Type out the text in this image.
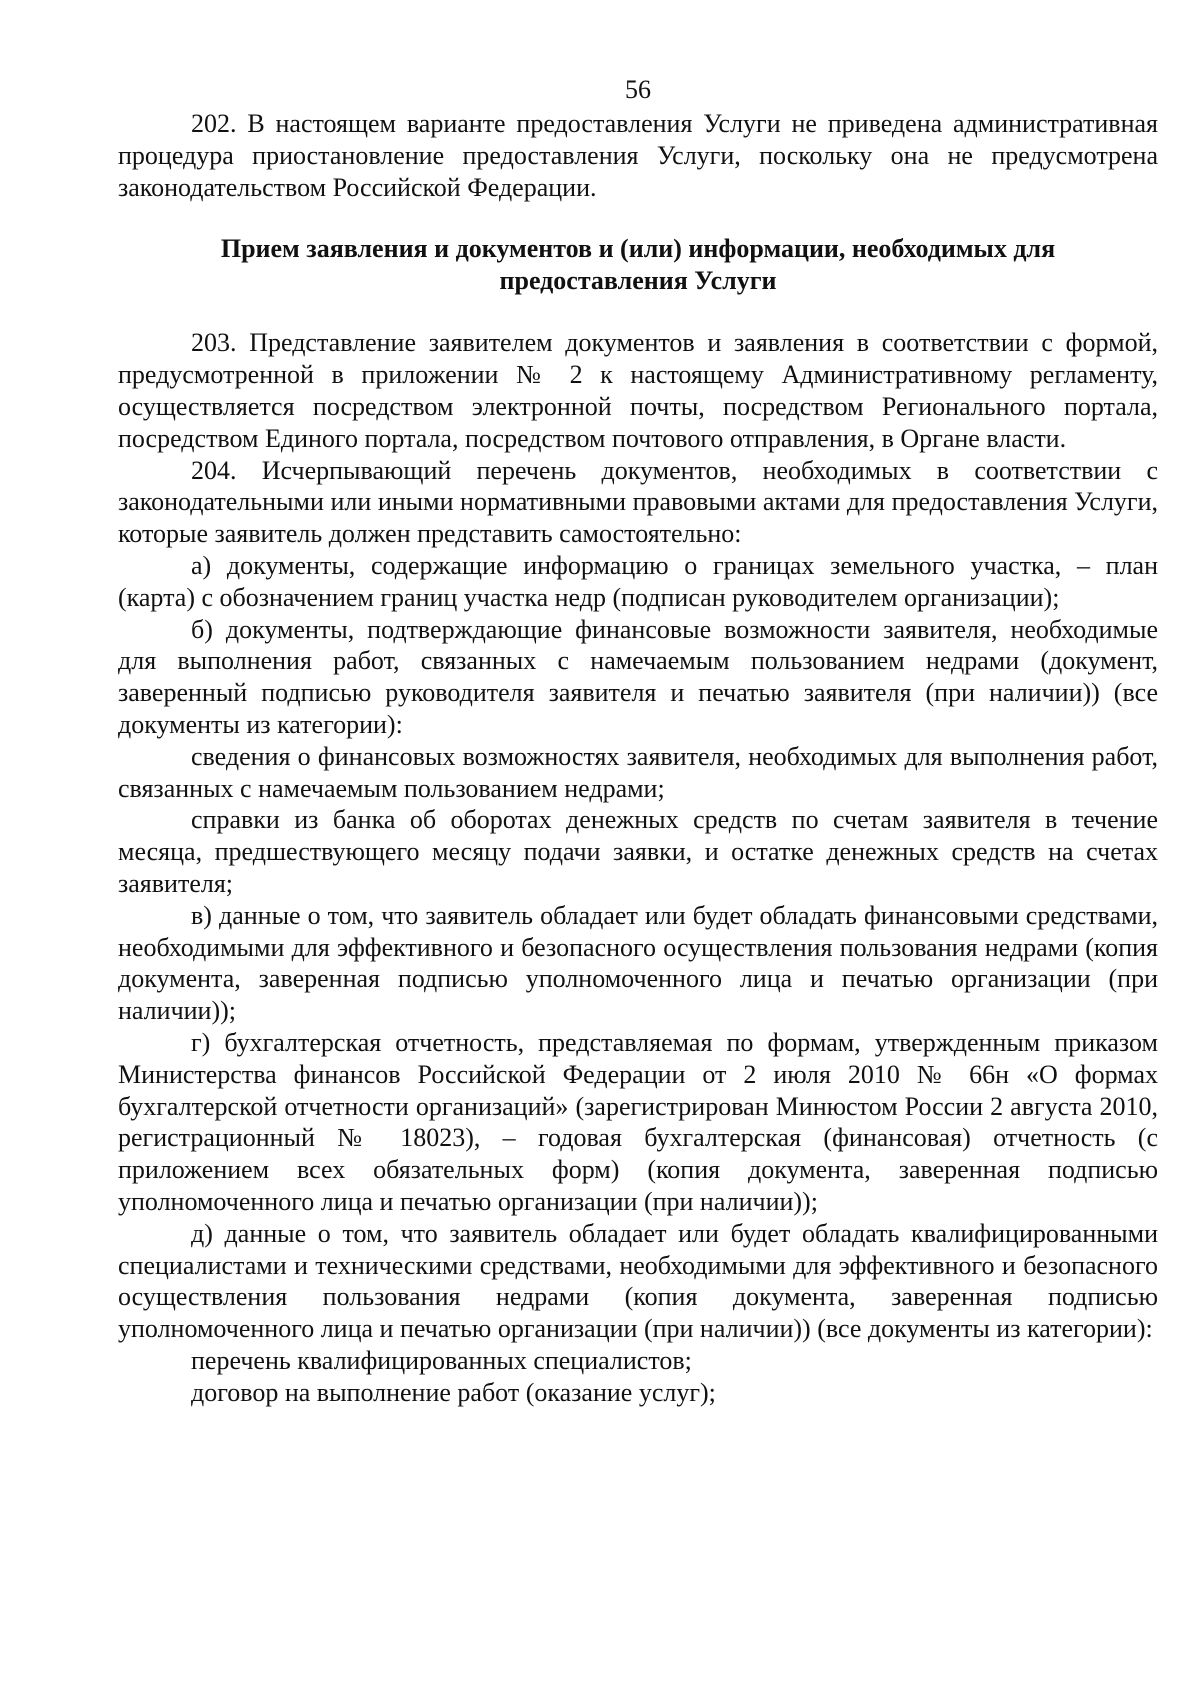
56

202. В настоящем варианте предоставления Услуги не приведена административная процедура приостановление предоставления Услуги, поскольку она не предусмотрена законодательством Российской Федерации.

Прием заявления и документов и (или) информации, необходимых для предоставления Услуги

203. Представление заявителем документов и заявления в соответствии с формой, предусмотренной в приложении № 2 к настоящему Административному регламенту, осуществляется посредством электронной почты, посредством Регионального портала, посредством Единого портала, посредством почтового отправления, в Органе власти.

204. Исчерпывающий перечень документов, необходимых в соответствии с законодательными или иными нормативными правовыми актами для предоставления Услуги, которые заявитель должен представить самостоятельно:

а) документы, содержащие информацию о границах земельного участка, – план (карта) с обозначением границ участка недр (подписан руководителем организации);

б) документы, подтверждающие финансовые возможности заявителя, необходимые для выполнения работ, связанных с намечаемым пользованием недрами (документ, заверенный подписью руководителя заявителя и печатью заявителя (при наличии)) (все документы из категории):

сведения о финансовых возможностях заявителя, необходимых для выполнения работ, связанных с намечаемым пользованием недрами;

справки из банка об оборотах денежных средств по счетам заявителя в течение месяца, предшествующего месяцу подачи заявки, и остатке денежных средств на счетах заявителя;

в) данные о том, что заявитель обладает или будет обладать финансовыми средствами, необходимыми для эффективного и безопасного осуществления пользования недрами (копия документа, заверенная подписью уполномоченного лица и печатью организации (при наличии));

г) бухгалтерская отчетность, представляемая по формам, утвержденным приказом Министерства финансов Российской Федерации от 2 июля 2010 № 66н «О формах бухгалтерской отчетности организаций» (зарегистрирован Минюстом России 2 августа 2010, регистрационный № 18023), – годовая бухгалтерская (финансовая) отчетность (с приложением всех обязательных форм) (копия документа, заверенная подписью уполномоченного лица и печатью организации (при наличии));

д) данные о том, что заявитель обладает или будет обладать квалифицированными специалистами и техническими средствами, необходимыми для эффективного и безопасного осуществления пользования недрами (копия документа, заверенная подписью уполномоченного лица и печатью организации (при наличии)) (все документы из категории):

перечень квалифицированных специалистов;

договор на выполнение работ (оказание услуг);
